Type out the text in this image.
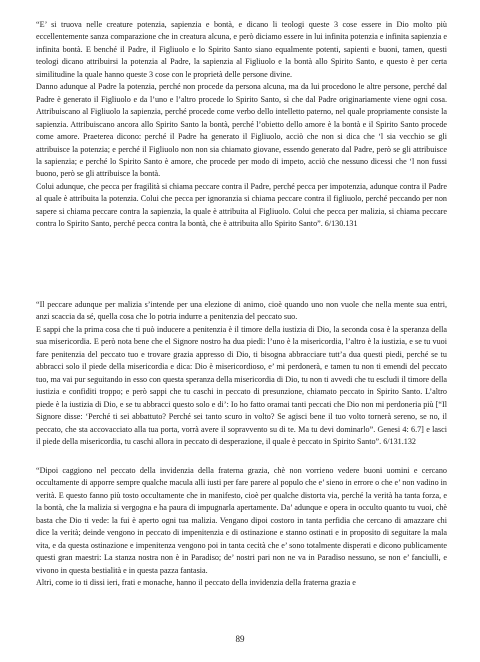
“E’ si truova nelle creature potenzia, sapienzia e bontà, e dicano li teologi queste 3 cose essere in Dio molto più eccellentemente sanza comparazione che in creatura alcuna, e però diciamo essere in lui infinita potenzia e infinita sapienzia e infinita bontà. E benché il Padre, il Figliuolo e lo Spirito Santo siano equalmente potenti, sapienti e buoni, tamen, questi teologi dicano attribuirsi la potenzia al Padre, la sapienzia al Figliuolo e la bontà allo Spirito Santo, e questo è per certa similitudine la quale hanno queste 3 cose con le proprietà delle persone divine.

Danno adunque al Padre la potenzia, perché non procede da persona alcuna, ma da lui procedono le altre persone, perché dal Padre è generato il Figliuolo e da l’uno e l’altro procede lo Spirito Santo, sì che dal Padre originariamente viene ogni cosa. Attribuiscano al Figliuolo la sapienzia, perché procede come verbo dello intelletto paterno, nel quale propriamente consiste la sapienzia. Attribuiscano ancora allo Spirito Santo la bontà, perché l’obietto dello amore è la bontà e il Spirito Santo procede come amore. Praeterea dicono: perché il Padre ha generato il Figliuolo, acciò che non si dica che ‘l sia vecchio se gli attribuisce la potenzia; e perché il Figliuolo non non sia chiamato giovane, essendo generato dal Padre, però se gli attribuisce la sapienzia; e perché lo Spirito Santo è amore, che procede per modo di impeto, acciò che nessuno dicessi che ‘l non fussi buono, però se gli attribuisce la bontà.

Colui adunque, che pecca per fragilità si chiama peccare contra il Padre, perché pecca per impotenzia, adunque contra il Padre al quale è attribuita la potenzia. Colui che pecca per ignoranzia si chiama peccare contra il figliuolo, perché peccando per non sapere si chiama peccare contra la sapienzia, la quale è attribuita al Figliuolo. Colui che pecca per malizia, si chiama peccare contra lo Spirito Santo, perché pecca contra la bontà, che è attribuita allo Spirito Santo”. 6/130.131

“Il peccare adunque per malizia s’intende per una elezione di animo, cioè quando uno non vuole che nella mente sua entri, anzi scaccia da sé, quella cosa che lo potria indurre a penitenzia del peccato suo.

E sappi che la prima cosa che ti può inducere a penitenzia è il timore della iustizia di Dio, la seconda cosa è la speranza della sua misericordia. E però nota bene che el Signore nostro ha dua piedi: l’uno è la misericordia, l’altro è la iustizia, e se tu vuoi fare penitenzia del peccato tuo e trovare grazia appresso di Dio, ti bisogna abbracciare tutt’a dua questi piedi, perché se tu abbracci solo il piede della misericordia e dica: Dio è misericordioso, e’ mi perdonerà, e tamen tu non ti emendi del peccato tuo, ma vai pur seguitando in esso con questa speranza della misericordia di Dio, tu non ti avvedi che tu escludi il timore della iustizia e confiditi troppo; e però sappi che tu caschi in peccato di presunzione, chiamato peccato in Spirito Santo. L’altro piede è la iustizia di Dio, e se tu abbracci questo solo e di’: Io ho fatto oramai tanti peccati che Dio non mi perdoneria più [“Il Signore disse: ‘Perché ti sei abbattuto? Perché sei tanto scuro in volto? Se agisci bene il tuo volto tornerà sereno, se no, il peccato, che sta accovacciato alla tua porta, vorrà avere il sopravvento su di te. Ma tu devi dominarlo”. Genesi 4: 6.7] e lasci il piede della misericordia, tu caschi allora in peccato di desperazione, il quale è peccato in Spirito Santo”. 6/131.132

“Dipoi caggiono nel peccato della invidenzia della fraterna grazia, chè non vorrieno vedere buoni uomini e cercano occultamente di apporre sempre qualche macula alli iusti per fare parere al populo che e’ sieno in errore o che e’ non vadino in verità. E questo fanno più tosto occultamente che in manifesto, cioè per qualche distorta via, perché la verità ha tanta forza, e la bontà, che la malizia si vergogna e ha paura di impugnarla apertamente. Da’ adunque e opera in occulto quanto tu vuoi, chè basta che Dio ti vede: la fui è aperto ogni tua malizia. Vengano dipoi costoro in tanta perfidia che cercano di amazzare chi dice la verità; deinde vengono in peccato di impenitenzia e di ostinazione e stanno ostinati e in proposito di seguitare la mala vita, e da questa ostinazione e impenitenza vengono poi in tanta cecità che e’ sono totalmente disperati e dicono publicamente questi gran maestri: La stanza nostra non è in Paradiso; de’ nostri pari non ne va in Paradiso nessuno, se non e’ fanciulli, e vivono in questa bestialità e in questa pazza fantasia.

Altri, come io ti dissi ieri, frati e monache, hanno il peccato della invidenzia della fraterna grazia e

89
